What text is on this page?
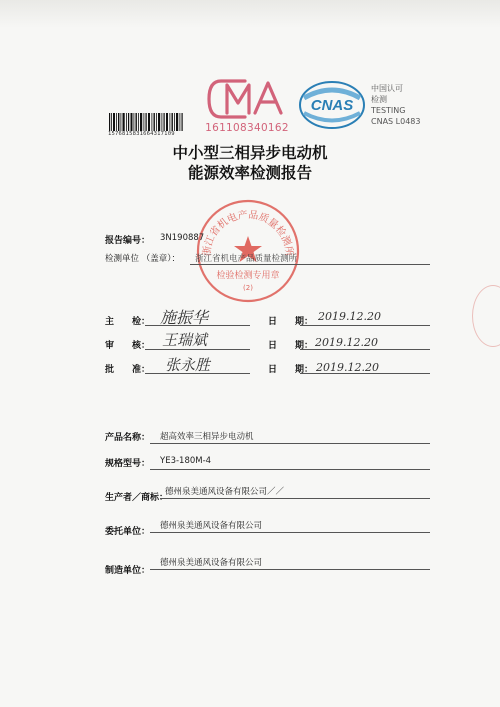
15768158316643171​09	161108340162
CNAS
中国认可
检测
TESTING
CNAS L0483
中小型三相异步电动机
能源效率检测报告
浙江省机电产品质量检测所
检验检测专用章
(2)
报告编号： 3N190887
检测单位 （盖章）： 浙江省机电产品质量检测所
主　　检： 施振华	日　　期： 2019.12.20
审　　核： 王瑞斌	日　　期： 2019.12.20
批　　准： 张永胜	日　　期： 2019.12.20
产品名称： 超高效率三相异步电动机
规格型号： YE3-180M-4
生产者／商标：
德州泉美通风设备有限公司／／
委托单位：
德州泉美通风设备有限公司
制造单位：
德州泉美通风设备有限公司
